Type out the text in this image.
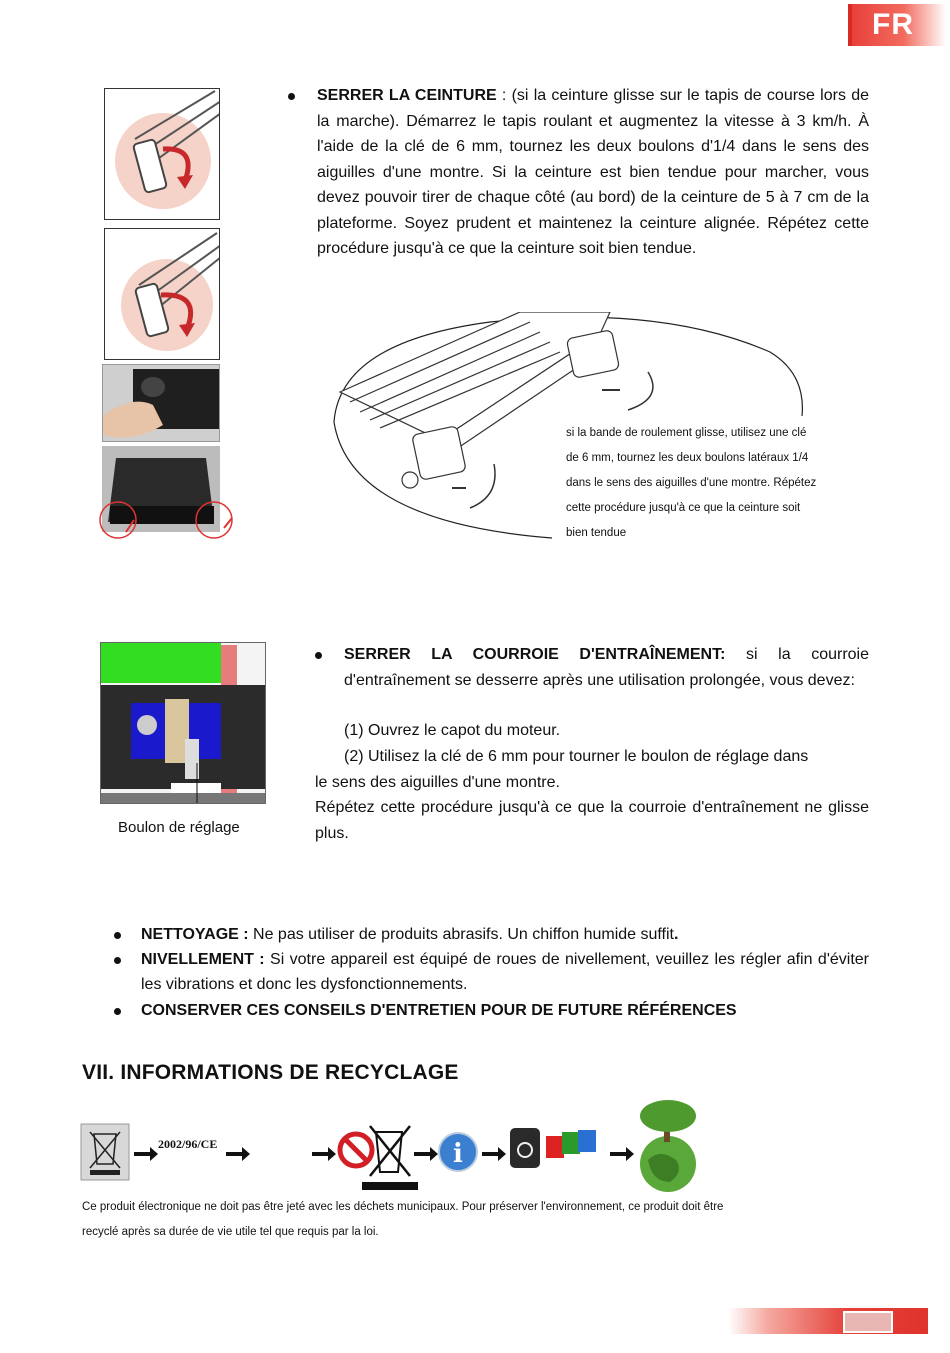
FR
SERRER LA CEINTURE : (si la ceinture glisse sur le tapis de course lors de la marche). Démarrez le tapis roulant et augmentez la vitesse à 3 km/h. À l'aide de la clé de 6 mm, tournez les deux boulons d'1/4 dans le sens des aiguilles d'une montre. Si la ceinture est bien tendue pour marcher, vous devez pouvoir tirer de chaque côté (au bord) de la ceinture de 5 à 7 cm de la plateforme. Soyez prudent et maintenez la ceinture alignée. Répétez cette procédure jusqu'à ce que la ceinture soit bien tendue.
si la bande de roulement glisse, utilisez une clé
de 6 mm, tournez les deux boulons latéraux 1/4
dans le sens des aiguilles d'une montre. Répétez
cette procédure jusqu'à ce que la ceinture soit
bien tendue
Boulon de réglage
SERRER LA COURROIE D'ENTRAÎNEMENT: si la courroie d'entraînement se desserre après une utilisation prolongée, vous devez:
(1) Ouvrez le capot du moteur.
(2) Utilisez la clé de 6 mm pour tourner le boulon de réglage dans
le sens des aiguilles d'une montre.
Répétez cette procédure jusqu'à ce que la courroie d'entraînement ne glisse plus.
NETTOYAGE : Ne pas utiliser de produits abrasifs. Un chiffon humide suffit.
NIVELLEMENT : Si votre appareil est équipé de roues de nivellement, veuillez les régler afin d'éviter les vibrations et donc les dysfonctionnements.
CONSERVER CES CONSEILS D'ENTRETIEN POUR DE FUTURE RÉFÉRENCES
VII. INFORMATIONS DE RECYCLAGE
i
2002/96/CE
Ce produit électronique ne doit pas être jeté avec les déchets municipaux. Pour préserver l'environnement, ce produit doit être
recyclé après sa durée de vie utile tel que requis par la loi.
